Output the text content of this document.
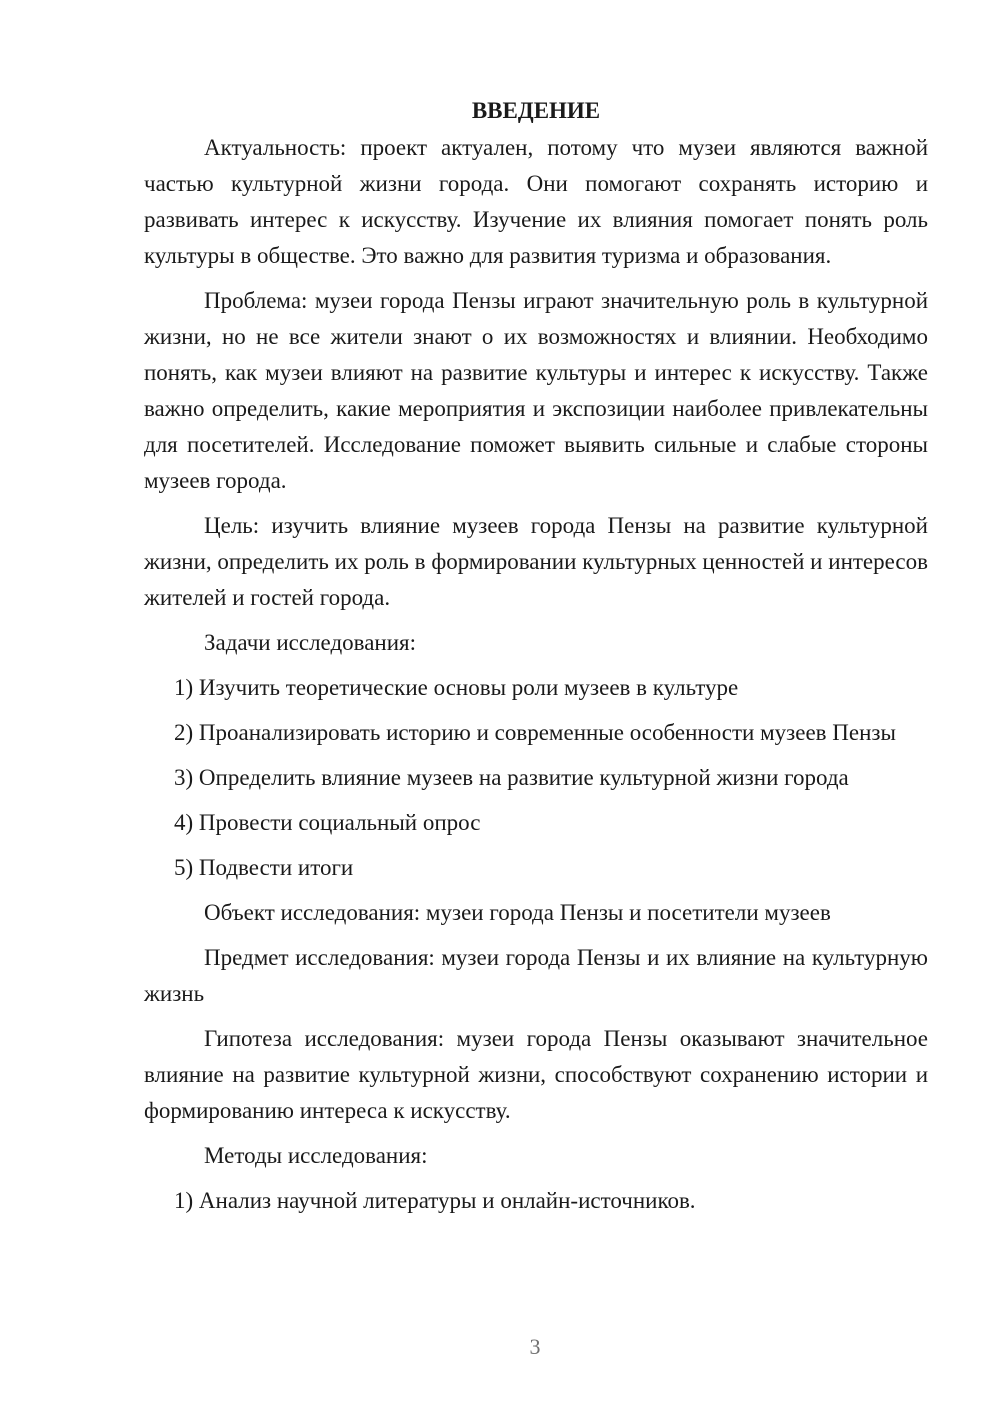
ВВЕДЕНИЕ

Актуальность: проект актуален, потому что музеи являются важной частью культурной жизни города. Они помогают сохранять историю и развивать интерес к искусству. Изучение их влияния помогает понять роль культуры в обществе. Это важно для развития туризма и образования.

Проблема: музеи города Пензы играют значительную роль в культурной жизни, но не все жители знают о их возможностях и влиянии. Необходимо понять, как музеи влияют на развитие культуры и интерес к искусству. Также важно определить, какие мероприятия и экспозиции наиболее привлекательны для посетителей. Исследование поможет выявить сильные и слабые стороны музеев города.

Цель: изучить влияние музеев города Пензы на развитие культурной жизни, определить их роль в формировании культурных ценностей и интересов жителей и гостей города.

Задачи исследования:

1) Изучить теоретические основы роли музеев в культуре

2) Проанализировать историю и современные особенности музеев Пензы

3) Определить влияние музеев на развитие культурной жизни города

4) Провести социальный опрос

5) Подвести итоги

Объект исследования: музеи города Пензы и посетители музеев

Предмет исследования: музеи города Пензы и их влияние на культурную жизнь

Гипотеза исследования: музеи города Пензы оказывают значительное влияние на развитие культурной жизни, способствуют сохранению истории и формированию интереса к искусству.

Методы исследования:

1) Анализ научной литературы и онлайн-источников.

3
